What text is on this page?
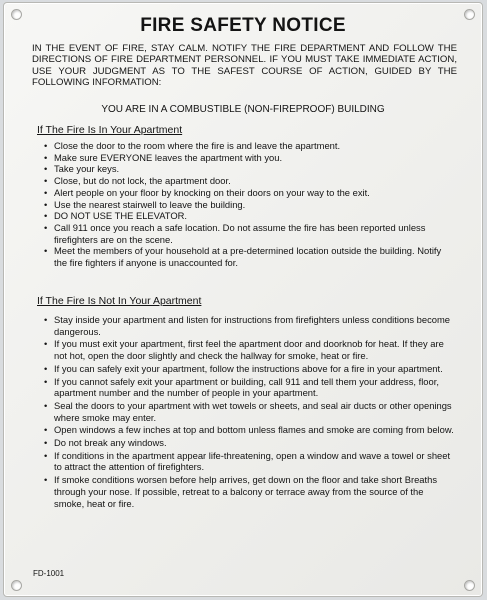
FIRE SAFETY NOTICE
IN THE EVENT OF FIRE, STAY CALM. NOTIFY THE FIRE DEPARTMENT AND FOLLOW THE DIRECTIONS OF FIRE DEPARTMENT PERSONNEL. IF YOU MUST TAKE IMMEDIATE ACTION, USE YOUR JUDGMENT AS TO THE SAFEST COURSE OF ACTION, GUIDED BY THE FOLLOWING INFORMATION:
YOU ARE IN A COMBUSTIBLE (NON-FIREPROOF) BUILDING
If The Fire Is In Your Apartment
• Close the door to the room where the fire is and leave the apartment.
• Make sure EVERYONE leaves the apartment with you.
• Take your keys.
• Close, but do not lock, the apartment door.
• Alert people on your floor by knocking on their doors on your way to the exit.
• Use the nearest stairwell to leave the building.
• DO NOT USE THE ELEVATOR.
• Call 911 once you reach a safe location. Do not assume the fire has been reported unless firefighters are on the scene.
• Meet the members of your household at a pre-determined location outside the building. Notify the fire fighters if anyone is unaccounted for.
If The Fire Is Not In Your Apartment
• Stay inside your apartment and listen for instructions from firefighters unless conditions become dangerous.
• If you must exit your apartment, first feel the apartment door and doorknob for heat. If they are not hot, open the door slightly and check the hallway for smoke, heat or fire.
• If you can safely exit your apartment, follow the instructions above for a fire in your apartment.
• If you cannot safely exit your apartment or building, call 911 and tell them your address, floor, apartment number and the number of people in your apartment.
• Seal the doors to your apartment with wet towels or sheets, and seal air ducts or other openings where smoke may enter.
• Open windows a few inches at top and bottom unless flames and smoke are coming from below.
• Do not break any windows.
• If conditions in the apartment appear life-threatening, open a window and wave a towel or sheet to attract the attention of firefighters.
• If smoke conditions worsen before help arrives, get down on the floor and take short Breaths through your nose. If possible, retreat to a balcony or terrace away from the source of the smoke, heat or fire.
FD-1001
